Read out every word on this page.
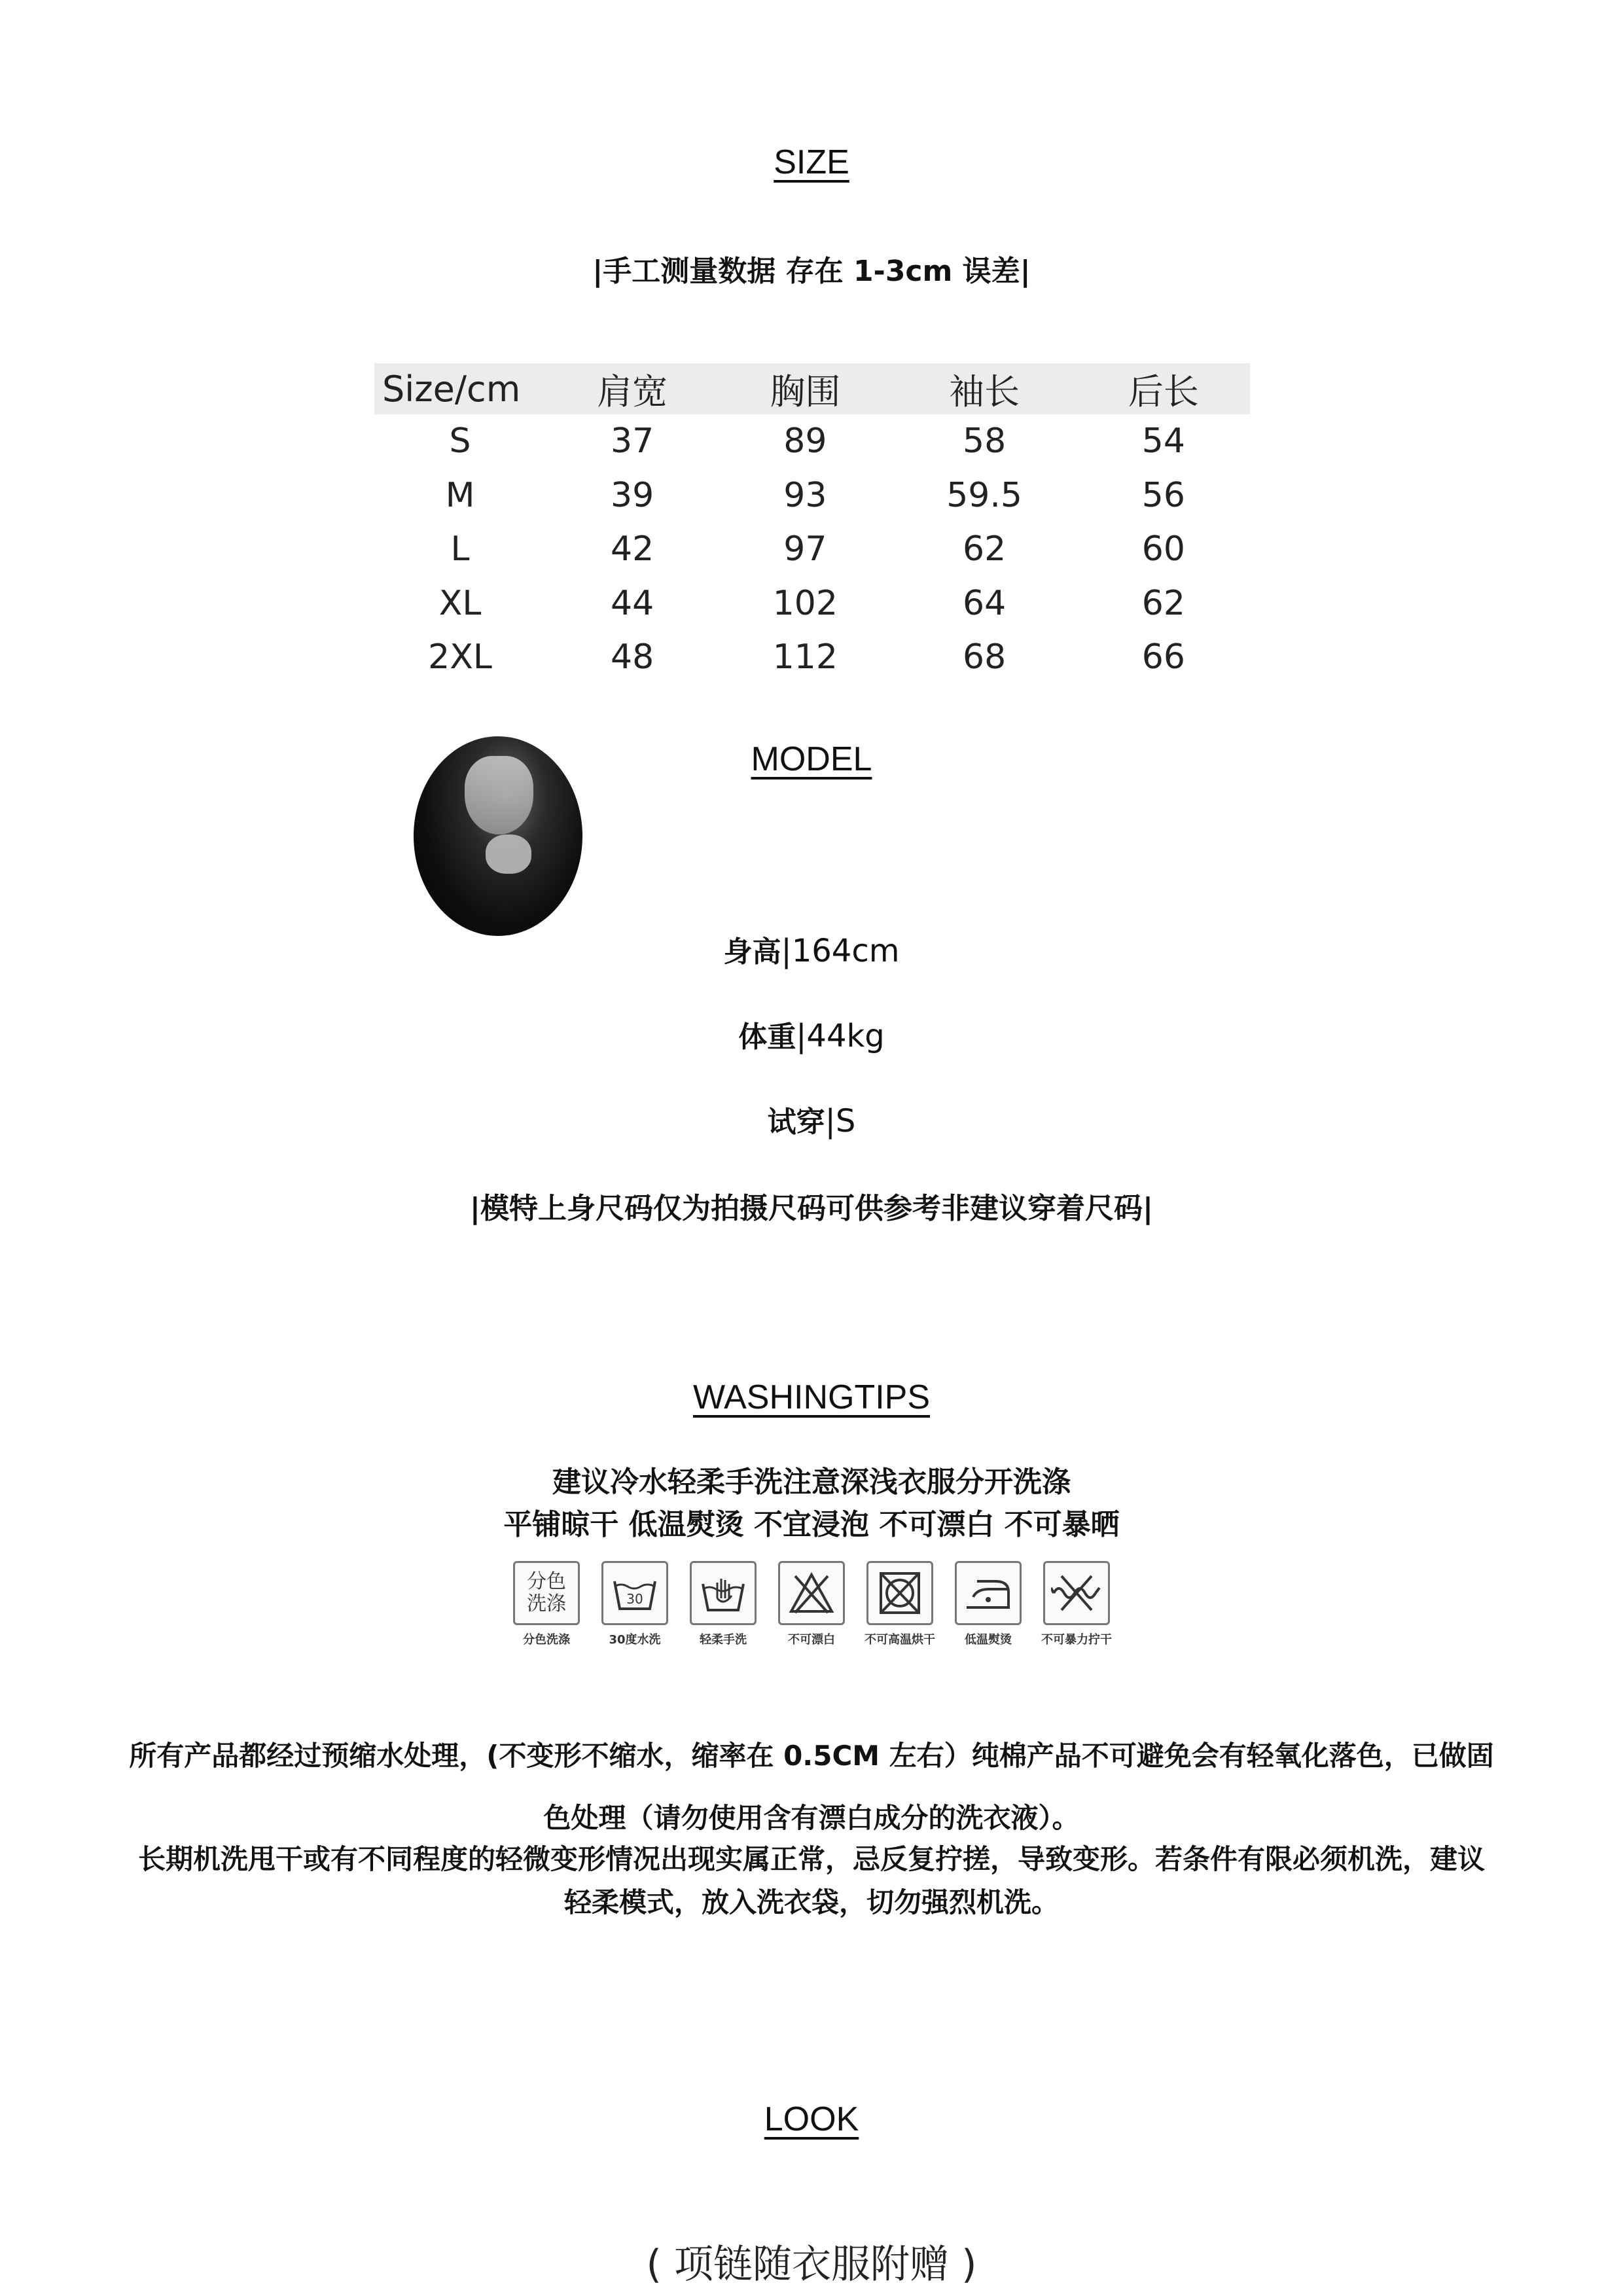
SIZE
|手工测量数据 存在 1-3cm 误差|
Size/cm	肩宽	胸围	袖长	后长
S	37	89	58	54
M	39	93	59.5	56
L	42	97	62	60
XL	44	102	64	62
2XL	48	112	68	66
MODEL
身高|164cm
体重|44kg
试穿|S
|模特上身尺码仅为拍摄尺码可供参考非建议穿着尺码|
WASHINGTIPS
建议冷水轻柔手洗注意深浅衣服分开洗涤
平铺晾干 低温熨烫 不宜浸泡 不可漂白 不可暴晒
分色
洗涤
分色洗涤
30
30度水洗	轻柔手洗	不可漂白	不可高温烘干	低温熨烫	不可暴力拧干
所有产品都经过预缩水处理，(不变形不缩水，缩率在 0.5CM 左右）纯棉产品不可避免会有轻氧化落色，已做固
色处理（请勿使用含有漂白成分的洗衣液）。
长期机洗甩干或有不同程度的轻微变形情况出现实属正常，忌反复拧搓，导致变形。若条件有限必须机洗，建议
轻柔模式，放入洗衣袋，切勿强烈机洗。
LOOK
( 项链随衣服附赠 )
